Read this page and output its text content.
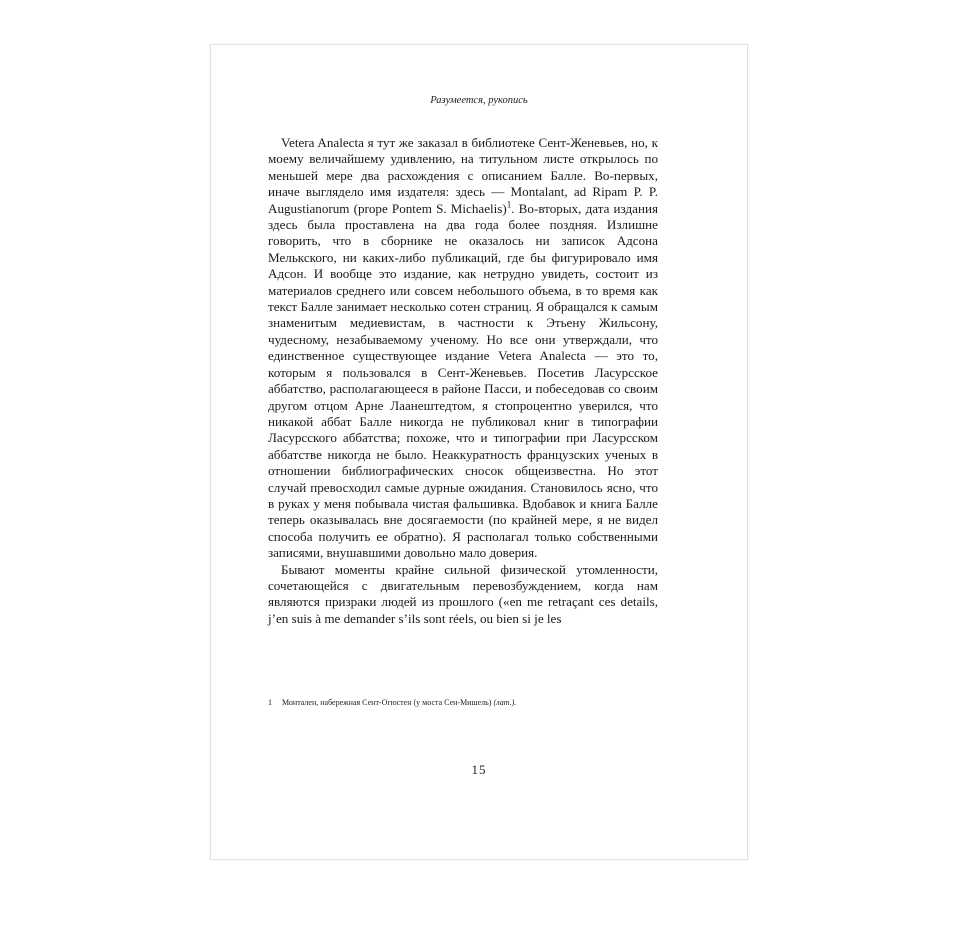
Разумеется, рукопись

Vetera Analecta я тут же заказал в библиотеке Сент-Женевьев, но, к моему величайшему удивлению, на титульном листе открылось по меньшей мере два расхождения с описанием Балле. Во-первых, иначе выглядело имя издателя: здесь — Montalant, ad Ripam P. P. Augustianorum (prope Pontem S. Michaelis)$^1$. Во-вторых, дата издания здесь была проставлена на два года более поздняя. Излишне говорить, что в сборнике не оказалось ни записок Адсона Мелькского, ни каких-либо публикаций, где бы фигурировало имя Адсон. И вообще это издание, как нетрудно увидеть, состоит из материалов среднего или совсем небольшого объема, в то время как текст Балле занимает несколько сотен страниц. Я обращался к самым знаменитым медиевистам, в частности к Этьену Жильсону, чудесному, незабываемому ученому. Но все они утверждали, что единственное существующее издание Vetera Analecta — это то, которым я пользовался в Сент-Женевьев. Посетив Ласурсское аббатство, располагающееся в районе Пасси, и побеседовав со своим другом отцом Арне Лаанештедтом, я стопроцентно уверился, что никакой аббат Балле никогда не публиковал книг в типографии Ласурсского аббатства; похоже, что и типографии при Ласурсском аббатстве никогда не было. Неаккуратность французских ученых в отношении библиографических сносок общеизвестна. Но этот случай превосходил самые дурные ожидания. Становилось ясно, что в руках у меня побывала чистая фальшивка. Вдобавок и книга Балле теперь оказывалась вне досягаемости (по крайней мере, я не видел способа получить ее обратно). Я располагал только собственными записями, внушавшими довольно мало доверия.

Бывают моменты крайне сильной физической утомленности, сочетающейся с двигательным перевозбуждением, когда нам являются призраки людей из прошлого («en me retraçant ces details, j’en suis à me demander s’ils sont réels, ou bien si je les

1 Монтален, набережная Сент-Огюстен (у моста Сен-Мишель) (лат.).
15
